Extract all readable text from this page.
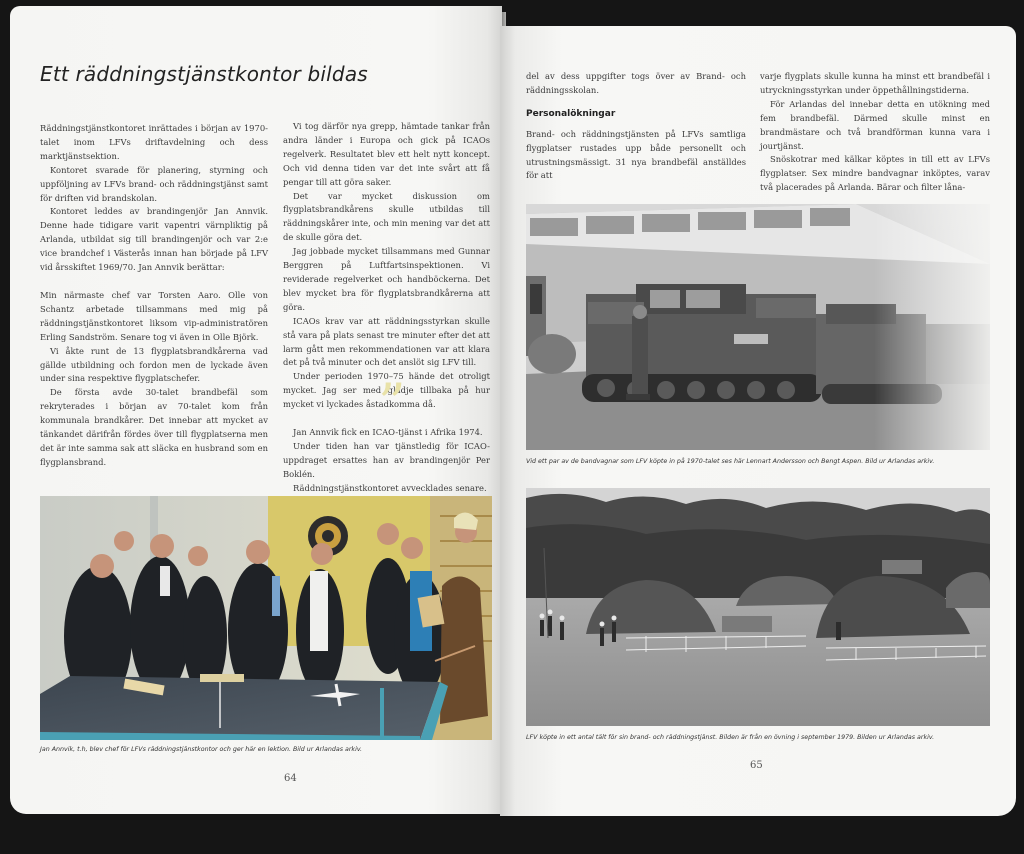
Ett räddningstjänstkontor bildas

Räddningstjänstkontoret inrättades i början av 1970-talet inom LFVs driftavdelning och dess marktjänstsektion.

Kontoret svarade för planering, styrning och uppföljning av LFVs brand- och räddningstjänst samt för driften vid brandskolan.

Kontoret leddes av brandingenjör Jan Annvik. Denne hade tidigare varit vapentri värnpliktig på Arlanda, utbildat sig till brandingenjör och var 2:e vice brandchef i Västerås innan han började på LFV vid årsskiftet 1969/70. Jan Annvik berättar:

Min närmaste chef var Torsten Aaro. Olle von Schantz arbetade tillsammans med mig på räddningstjänstkontoret liksom vip-administratören Erling Sandström. Senare tog vi även in Olle Björk.

Vi åkte runt de 13 flygplatsbrandkårerna vad gällde utbildning och fordon men de lyckade även under sina respektive flygplatschefer.

De första avde 30-talet brandbefäl som rekryterades i början av 70-talet kom från kommunala brandkårer. Det innebar att mycket av tänkandet därifrån fördes över till flygplatserna men det är inte samma sak att släcka en husbrand som en flygplansbrand.

Vi tog därför nya grepp, hämtade tankar från andra länder i Europa och gick på ICAOs regelverk. Resultatet blev ett helt nytt koncept. Och vid denna tiden var det inte svårt att få pengar till att göra saker.

Det var mycket diskussion om flygplatsbrandkårens skulle utbildas till räddningskårer inte, och min mening var det att de skulle göra det.

Jag jobbade mycket tillsammans med Gunnar Berggren på Luftfartsinspektionen. Vi reviderade regelverket och handböckerna. Det blev mycket bra för flygplatsbrandkårerna att göra.

ICAOs krav var att räddningsstyrkan skulle stå vara på plats senast tre minuter efter det att larm gått men rekommendationen var att klara det på två minuter och det anslöt sig LFV till.

Under perioden 1970–75 hände det otroligt mycket. Jag ser med glädje tillbaka på hur mycket vi lyckades åstadkomma då.

Jan Annvik fick en ICAO-tjänst i Afrika 1974.

Under tiden han var tjänstledig för ICAO-uppdraget ersattes han av brandingenjör Per Boklén.

Räddningstjänstkontoret avvecklades senare.

”
Jan Annvik, t.h, blev chef för LFVs räddningstjänstkontor och ger här en lektion. Bild ur Arlandas arkiv.
64

del av dess uppgifter togs över av Brand- och räddningsskolan.

Personalökningar

Brand- och räddningstjänsten på LFVs samtliga flygplatser rustades upp både personellt och utrustningsmässigt. 31 nya brandbefäl anställdes för att

varje flygplats skulle kunna ha minst ett brandbefäl i utryckningsstyrkan under öppethållningstiderna.

För Arlandas del innebar detta en utökning med fem brandbefäl. Därmed skulle minst en brandmästare och två brandförman kunna vara i jourtjänst.

Snöskotrar med kälkar köptes in till ett av LFVs flygplatser. Sex mindre bandvagnar inköptes, varav två placerades på Arlanda. Bärar och filter låna-

Vid ett par av de bandvagnar som LFV köpte in på 1970-talet ses här Lennart Andersson och Bengt Aspen. Bild ur Arlandas arkiv.
LFV köpte in ett antal tält för sin brand- och räddningstjänst. Bilden är från en övning i september 1979. Bilden ur Arlandas arkiv.
65
